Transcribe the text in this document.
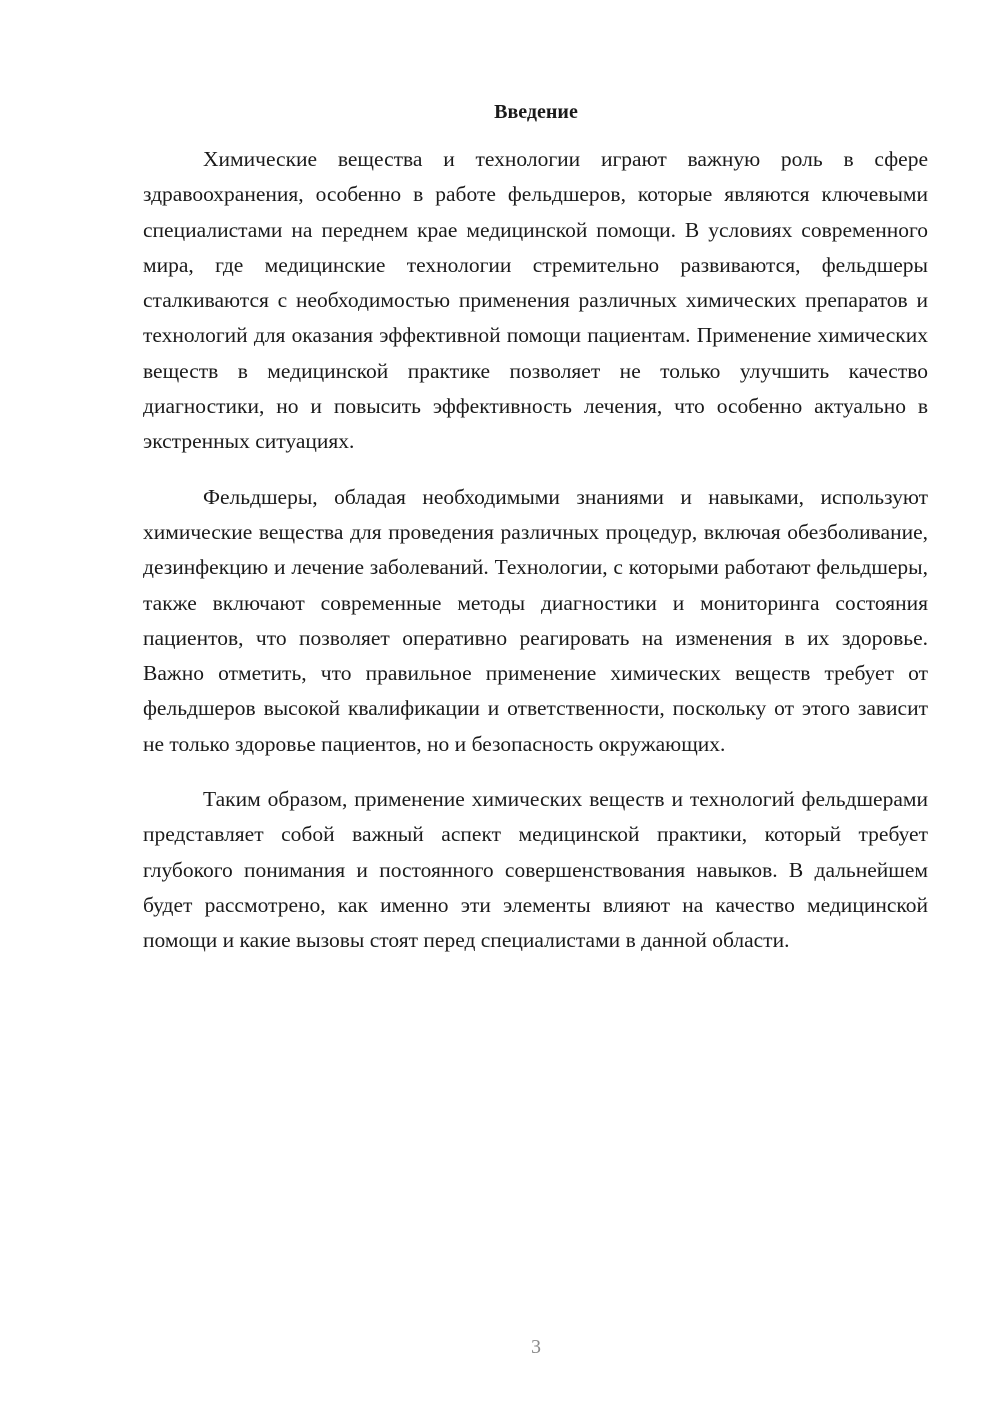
Введение

Химические вещества и технологии играют важную роль в сфере здравоохранения, особенно в работе фельдшеров, которые являются ключевыми специалистами на переднем крае медицинской помощи. В условиях современного мира, где медицинские технологии стремительно развиваются, фельдшеры сталкиваются с необходимостью применения различных химических препаратов и технологий для оказания эффективной помощи пациентам. Применение химических веществ в медицинской практике позволяет не только улучшить качество диагностики, но и повысить эффективность лечения, что особенно актуально в экстренных ситуациях.

Фельдшеры, обладая необходимыми знаниями и навыками, используют химические вещества для проведения различных процедур, включая обезболивание, дезинфекцию и лечение заболеваний. Технологии, с которыми работают фельдшеры, также включают современные методы диагностики и мониторинга состояния пациентов, что позволяет оперативно реагировать на изменения в их здоровье. Важно отметить, что правильное применение химических веществ требует от фельдшеров высокой квалификации и ответственности, поскольку от этого зависит не только здоровье пациентов, но и безопасность окружающих.

Таким образом, применение химических веществ и технологий фельдшерами представляет собой важный аспект медицинской практики, который требует глубокого понимания и постоянного совершенствования навыков. В дальнейшем будет рассмотрено, как именно эти элементы влияют на качество медицинской помощи и какие вызовы стоят перед специалистами в данной области.

3
